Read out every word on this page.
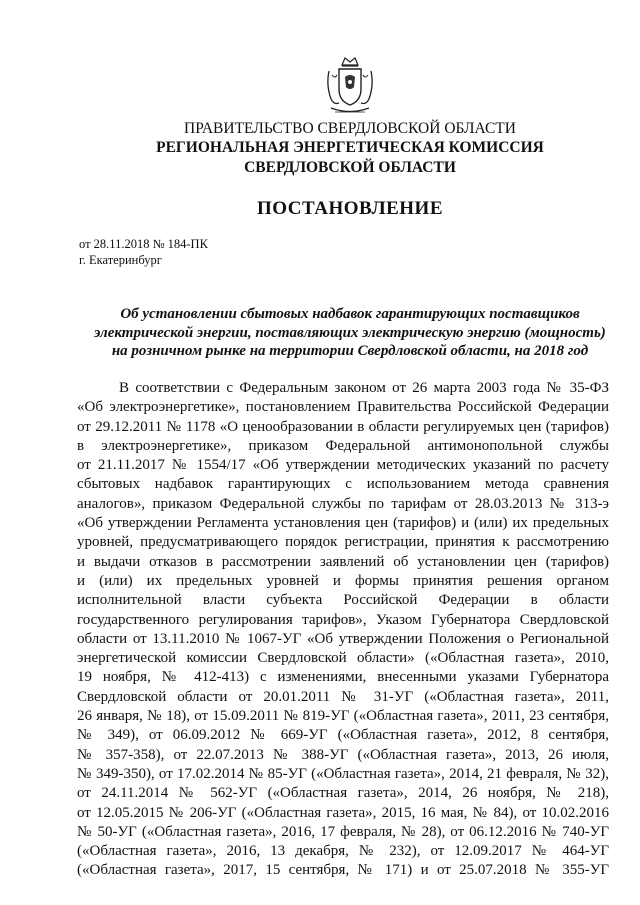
ПРАВИТЕЛЬСТВО СВЕРДЛОВСКОЙ ОБЛАСТИ
РЕГИОНАЛЬНАЯ ЭНЕРГЕТИЧЕСКАЯ КОМИССИЯ
СВЕРДЛОВСКОЙ ОБЛАСТИ
ПОСТАНОВЛЕНИЕ
от 28.11.2018 № 184-ПК
г. Екатеринбург
Об установлении сбытовых надбавок гарантирующих поставщиков
электрической энергии, поставляющих электрическую энергию (мощность)
на розничном рынке на территории Свердловской области, на 2018 год
В соответствии с Федеральным законом от 26 марта 2003 года № 35-ФЗ
«Об электроэнергетике», постановлением Правительства Российской Федерации
от 29.12.2011 № 1178 «О ценообразовании в области регулируемых цен (тарифов)
в электроэнергетике», приказом Федеральной антимонопольной службы
от 21.11.2017 № 1554/17 «Об утверждении методических указаний по расчету
сбытовых надбавок гарантирующих с использованием метода сравнения
аналогов», приказом Федеральной службы по тарифам от 28.03.2013 № 313-э
«Об утверждении Регламента установления цен (тарифов) и (или) их предельных
уровней, предусматривающего порядок регистрации, принятия к рассмотрению
и выдачи отказов в рассмотрении заявлений об установлении цен (тарифов)
и (или) их предельных уровней и формы принятия решения органом
исполнительной власти субъекта Российской Федерации в области
государственного регулирования тарифов», Указом Губернатора Свердловской
области от 13.11.2010 № 1067-УГ «Об утверждении Положения о Региональной
энергетической комиссии Свердловской области» («Областная газета», 2010,
19 ноября, № 412-413) с изменениями, внесенными указами Губернатора
Свердловской области от 20.01.2011 № 31-УГ («Областная газета», 2011,
26 января, № 18), от 15.09.2011 № 819-УГ («Областная газета», 2011, 23 сентября,
№ 349), от 06.09.2012 № 669-УГ («Областная газета», 2012, 8 сентября,
№ 357-358), от 22.07.2013 № 388-УГ («Областная газета», 2013, 26 июля,
№ 349-350), от 17.02.2014 № 85-УГ («Областная газета», 2014, 21 февраля, № 32),
от 24.11.2014 № 562-УГ («Областная газета», 2014, 26 ноября, № 218),
от 12.05.2015 № 206-УГ («Областная газета», 2015, 16 мая, № 84), от 10.02.2016
№ 50-УГ («Областная газета», 2016, 17 февраля, № 28), от 06.12.2016 № 740-УГ
(«Областная газета», 2016, 13 декабря, № 232), от 12.09.2017 № 464-УГ
(«Областная газета», 2017, 15 сентября, № 171) и от 25.07.2018 № 355-УГ
